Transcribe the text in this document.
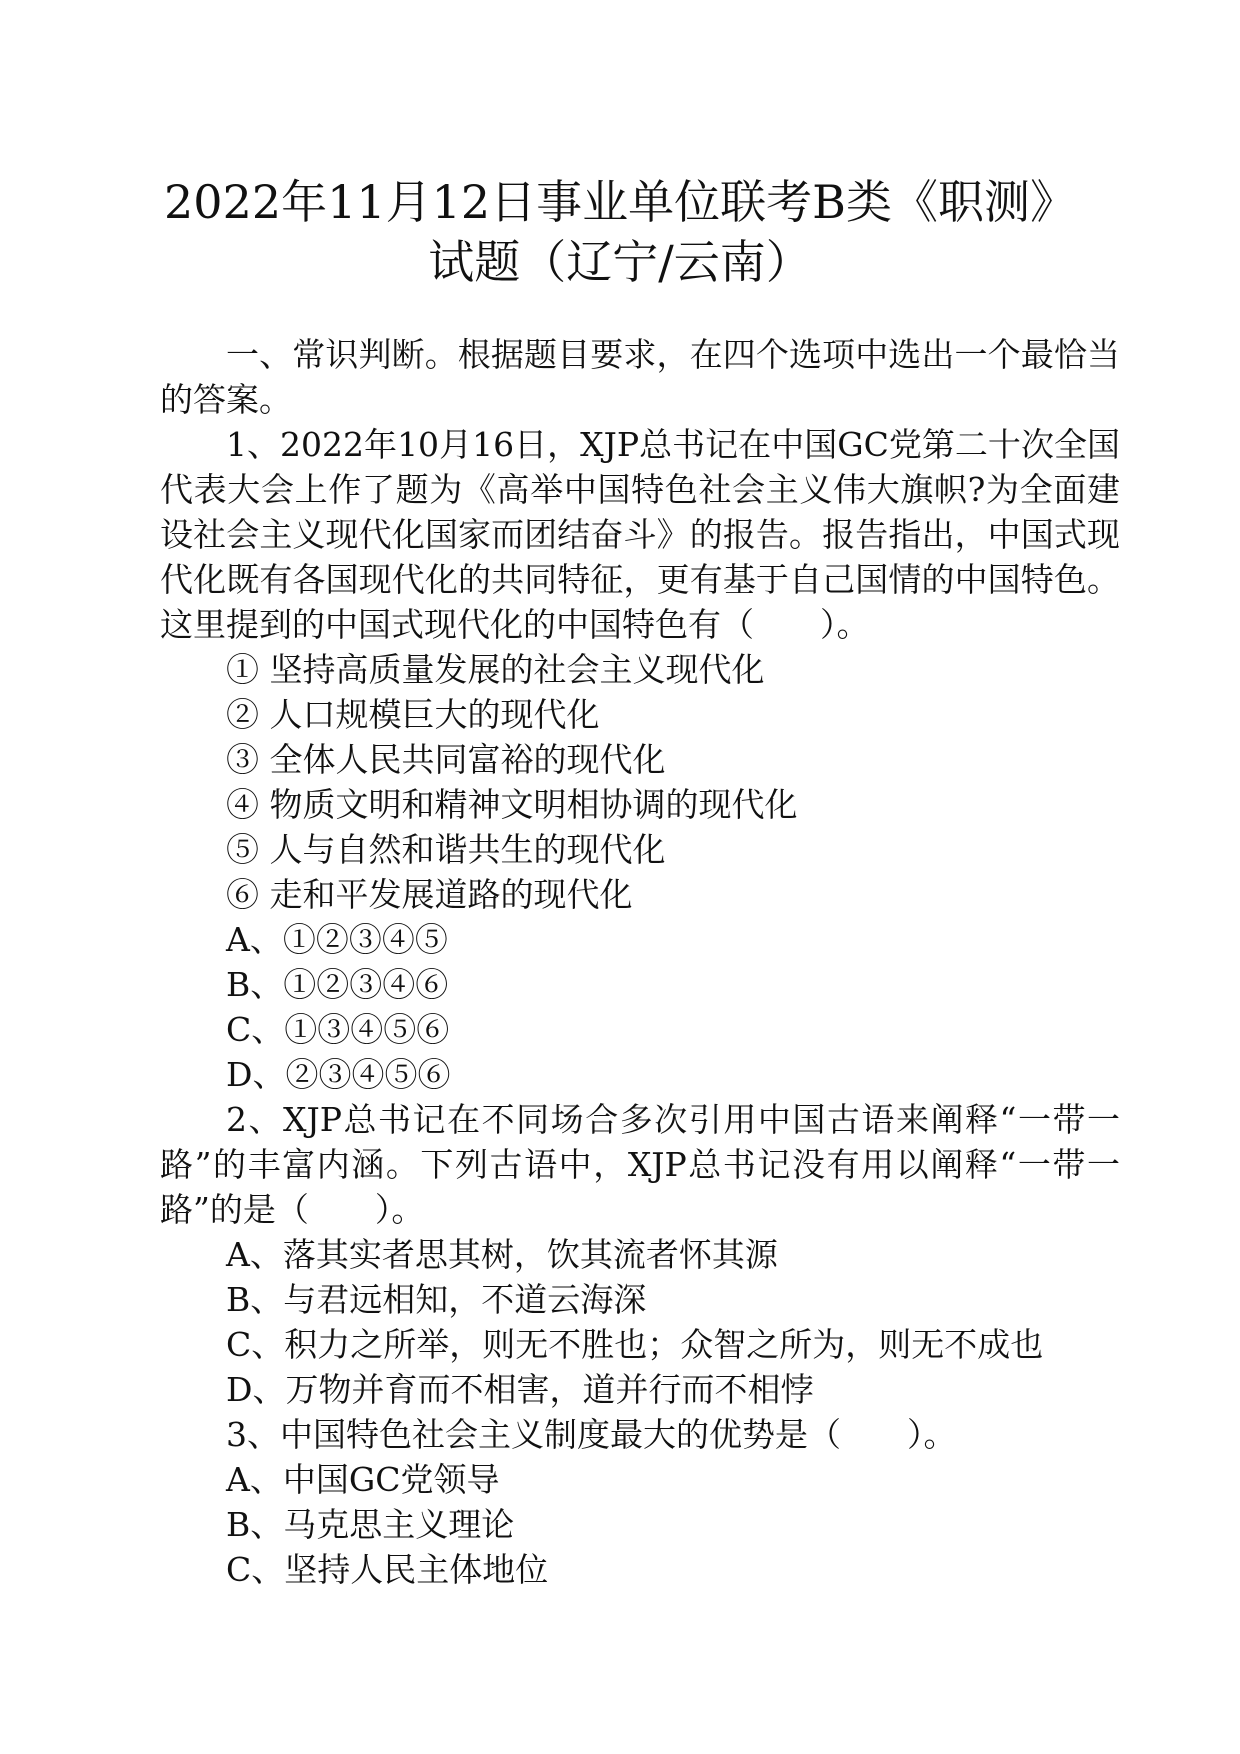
2022年11月12日事业单位联考B类《职测》
试题（辽宁/云南）

一、常识判断。根据题目要求，在四个选项中选出一个最恰当的答案。

1、2022年10月16日，XJP总书记在中国GC党第二十次全国代表大会上作了题为《高举中国特色社会主义伟大旗帜?为全面建设社会主义现代化国家而团结奋斗》的报告。报告指出，中国式现代化既有各国现代化的共同特征，更有基于自己国情的中国特色。这里提到的中国式现代化的中国特色有（　　）。

① 坚持高质量发展的社会主义现代化
② 人口规模巨大的现代化
③ 全体人民共同富裕的现代化
④ 物质文明和精神文明相协调的现代化
⑤ 人与自然和谐共生的现代化
⑥ 走和平发展道路的现代化
A、①②③④⑤
B、①②③④⑥
C、①③④⑤⑥
D、②③④⑤⑥

2、XJP总书记在不同场合多次引用中国古语来阐释“一带一路”的丰富内涵。下列古语中，XJP总书记没有用以阐释“一带一路”的是（　　）。

A、落其实者思其树，饮其流者怀其源
B、与君远相知，不道云海深
C、积力之所举，则无不胜也；众智之所为，则无不成也
D、万物并育而不相害，道并行而不相悖

3、中国特色社会主义制度最大的优势是（　　）。

A、中国GC党领导
B、马克思主义理论
C、坚持人民主体地位
